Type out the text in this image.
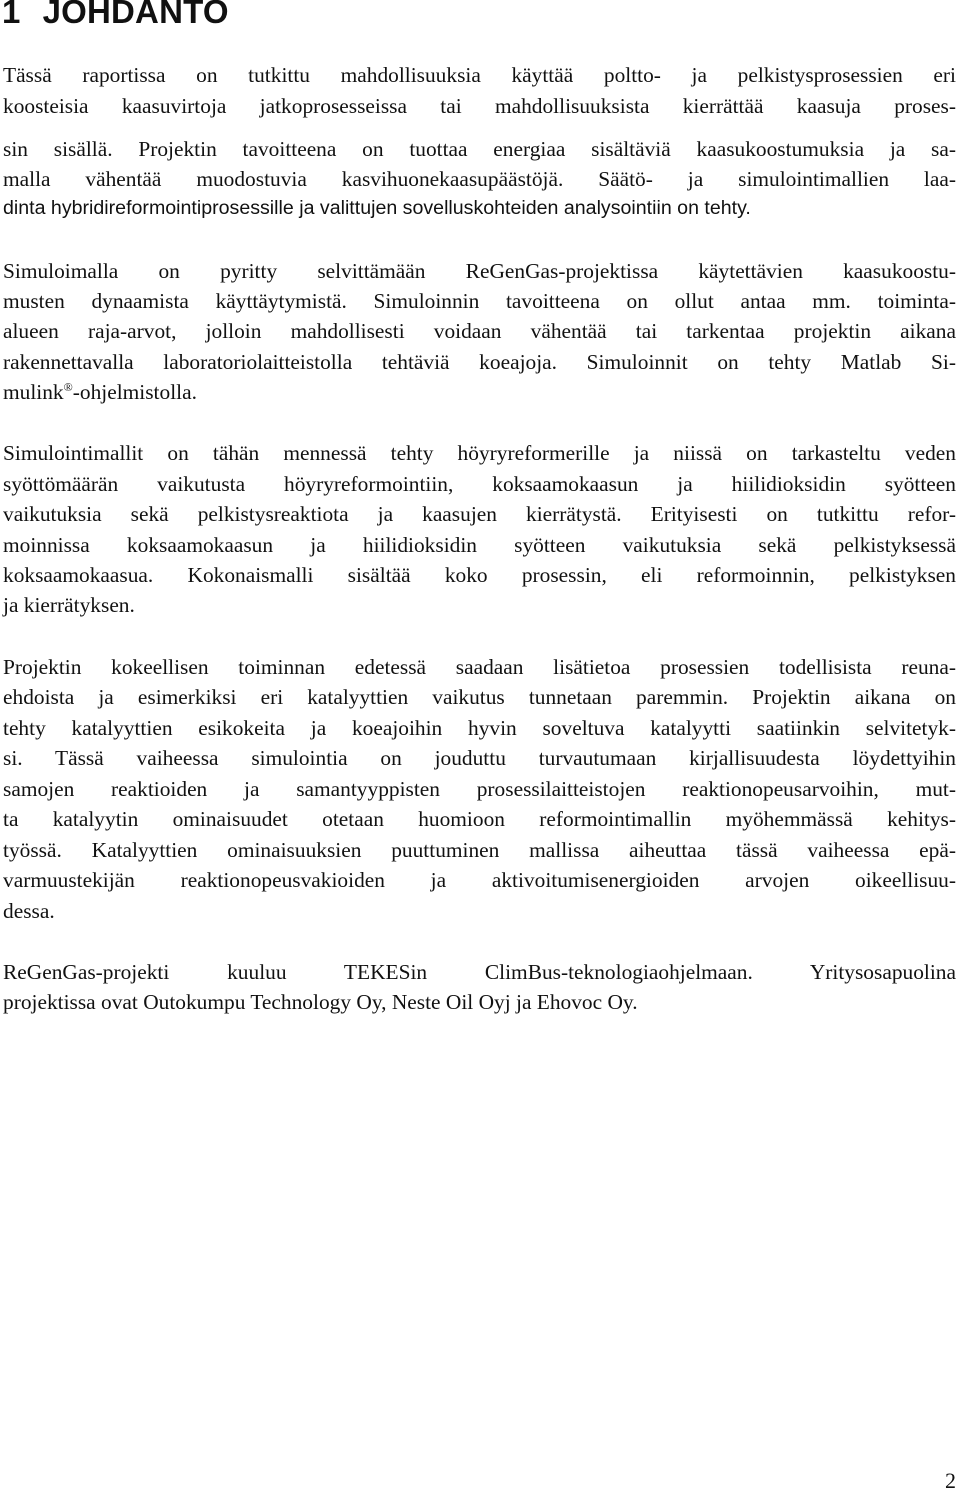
1 JOHDANTO
Tässä raportissa on tutkittu mahdollisuuksia käyttää poltto- ja pelkistysprosessien eri
koosteisia kaasuvirtoja jatkoprosesseissa tai mahdollisuuksista kierrättää kaasuja proses-
sin sisällä. Projektin tavoitteena on tuottaa energiaa sisältäviä kaasukoostumuksia ja sa-
malla vähentää muodostuvia kasvihuonekaasupäästöjä. Säätö- ja simulointimallien laa-
dinta hybridireformointiprosessille ja valittujen sovelluskohteiden analysointiin on tehty.
Simuloimalla on pyritty selvittämään ReGenGas-projektissa käytettävien kaasukoostu-
musten dynaamista käyttäytymistä. Simuloinnin tavoitteena on ollut antaa mm. toiminta-
alueen raja-arvot, jolloin mahdollisesti voidaan vähentää tai tarkentaa projektin aikana
rakennettavalla laboratoriolaitteistolla tehtäviä koeajoja. Simuloinnit on tehty Matlab Si-
mulink®-ohjelmistolla.
Simulointimallit on tähän mennessä tehty höyryreformerille ja niissä on tarkasteltu veden
syöttömäärän vaikutusta höyryreformointiin, koksaamokaasun ja hiilidioksidin syötteen
vaikutuksia sekä pelkistysreaktiota ja kaasujen kierrätystä. Erityisesti on tutkittu refor-
moinnissa koksaamokaasun ja hiilidioksidin syötteen vaikutuksia sekä pelkistyksessä
koksaamokaasua. Kokonaismalli sisältää koko prosessin, eli reformoinnin, pelkistyksen
ja kierrätyksen.
Projektin kokeellisen toiminnan edetessä saadaan lisätietoa prosessien todellisista reuna-
ehdoista ja esimerkiksi eri katalyyttien vaikutus tunnetaan paremmin. Projektin aikana on
tehty katalyyttien esikokeita ja koeajoihin hyvin soveltuva katalyytti saatiinkin selvitetyk-
si. Tässä vaiheessa simulointia on jouduttu turvautumaan kirjallisuudesta löydettyihin
samojen reaktioiden ja samantyyppisten prosessilaitteistojen reaktionopeusarvoihin, mut-
ta katalyytin ominaisuudet otetaan huomioon reformointimallin myöhemmässä kehitys-
työssä. Katalyyttien ominaisuuksien puuttuminen mallissa aiheuttaa tässä vaiheessa epä-
varmuustekijän reaktionopeusvakioiden ja aktivoitumisenergioiden arvojen oikeellisuu-
dessa.
ReGenGas-projekti kuuluu TEKESin ClimBus-teknologiaohjelmaan. Yritysosapuolina
projektissa ovat Outokumpu Technology Oy, Neste Oil Oyj ja Ehovoc Oy.
2
